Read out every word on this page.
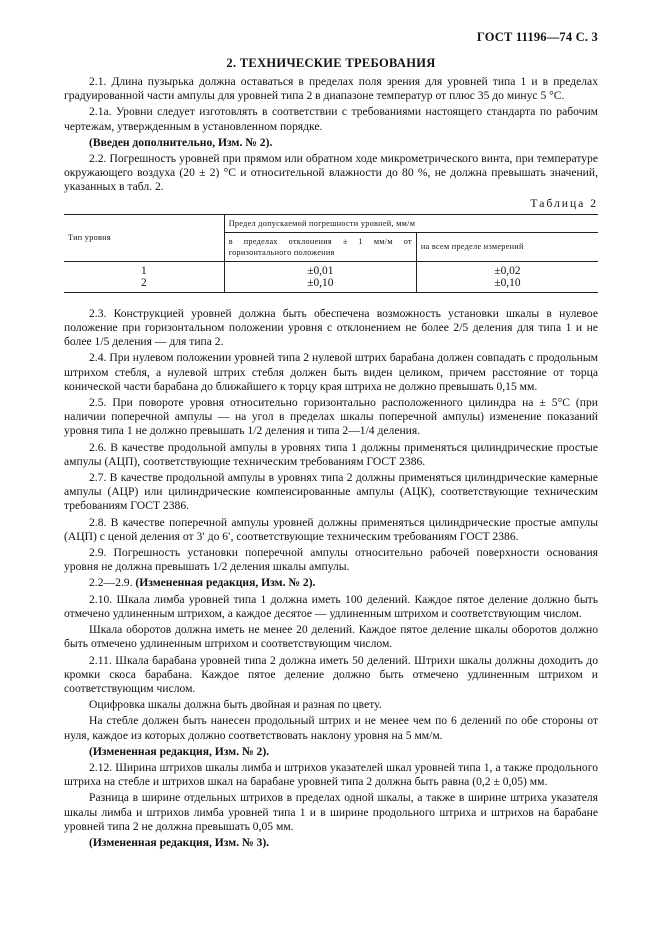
ГОСТ 11196—74 С. 3
2. ТЕХНИЧЕСКИЕ ТРЕБОВАНИЯ

2.1. Длина пузырька должна оставаться в пределах поля зрения для уровней типа 1 и в пределах градуированной части ампулы для уровней типа 2 в диапазоне температур от плюс 35 до минус 5 °С.

2.1а. Уровни следует изготовлять в соответствии с требованиями настоящего стандарта по рабочим чертежам, утвержденным в установленном порядке.

(Введен дополнительно, Изм. № 2).

2.2. Погрешность уровней при прямом или обратном ходе микрометрического винта, при температуре окружающего воздуха (20 ± 2) °С и относительной влажности до 80 %, не должна превышать значений, указанных в табл. 2.

Таблица 2
Тип уровня	Предел допускаемой погрешности уровней, мм/м	
	в пределах отклонения ± 1 мм/м от горизонтального положения	на всем пределе измерений
1	±0,01	±0,02
2	±0,10	±0,10

2.3. Конструкцией уровней должна быть обеспечена возможность установки шкалы в нулевое положение при горизонтальном положении уровня с отклонением не более 2/5 деления для типа 1 и не более 1/5 деления — для типа 2.

2.4. При нулевом положении уровней типа 2 нулевой штрих барабана должен совпадать с продольным штрихом стебля, а нулевой штрих стебля должен быть виден целиком, причем расстояние от торца конической части барабана до ближайшего к торцу края штриха не должно превышать 0,15 мм.

2.5. При повороте уровня относительно горизонтально расположенного цилиндра на ± 5°С (при наличии поперечной ампулы — на угол в пределах шкалы поперечной ампулы) изменение показаний уровня типа 1 не должно превышать 1/2 деления и типа 2—1/4 деления.

2.6. В качестве продольной ампулы в уровнях типа 1 должны применяться цилиндрические простые ампулы (АЦП), соответствующие техническим требованиям ГОСТ 2386.

2.7. В качестве продольной ампулы в уровнях типа 2 должны применяться цилиндрические камерные ампулы (АЦР) или цилиндрические компенсированные ампулы (АЦК), соответствующие техническим требованиям ГОСТ 2386.

2.8. В качестве поперечной ампулы уровней должны применяться цилиндрические простые ампулы (АЦП) с ценой деления от 3′ до 6′, соответствующие техническим требованиям ГОСТ 2386.

2.9. Погрешность установки поперечной ампулы относительно рабочей поверхности основания уровня не должна превышать 1/2 деления шкалы ампулы.

2.2—2.9. (Измененная редакция, Изм. № 2).

2.10. Шкала лимба уровней типа 1 должна иметь 100 делений. Каждое пятое деление должно быть отмечено удлиненным штрихом, а каждое десятое — удлиненным штрихом и соответствующим числом.

Шкала оборотов должна иметь не менее 20 делений. Каждое пятое деление шкалы оборотов должно быть отмечено удлиненным штрихом и соответствующим числом.

2.11. Шкала барабана уровней типа 2 должна иметь 50 делений. Штрихи шкалы должны доходить до кромки скоса барабана. Каждое пятое деление должно быть отмечено удлиненным штрихом и соответствующим числом.

Оцифровка шкалы должна быть двойная и разная по цвету.

На стебле должен быть нанесен продольный штрих и не менее чем по 6 делений по обе стороны от нуля, каждое из которых должно соответствовать наклону уровня на 5 мм/м.

(Измененная редакция, Изм. № 2).

2.12. Ширина штрихов шкалы лимба и штрихов указателей шкал уровней типа 1, а также продольного штриха на стебле и штрихов шкал на барабане уровней типа 2 должна быть равна (0,2 ± 0,05) мм.

Разница в ширине отдельных штрихов в пределах одной шкалы, а также в ширине штриха указателя шкалы лимба и штрихов лимба уровней типа 1 и в ширине продольного штриха и штрихов на барабане уровней типа 2 не должна превышать 0,05 мм.

(Измененная редакция, Изм. № 3).
